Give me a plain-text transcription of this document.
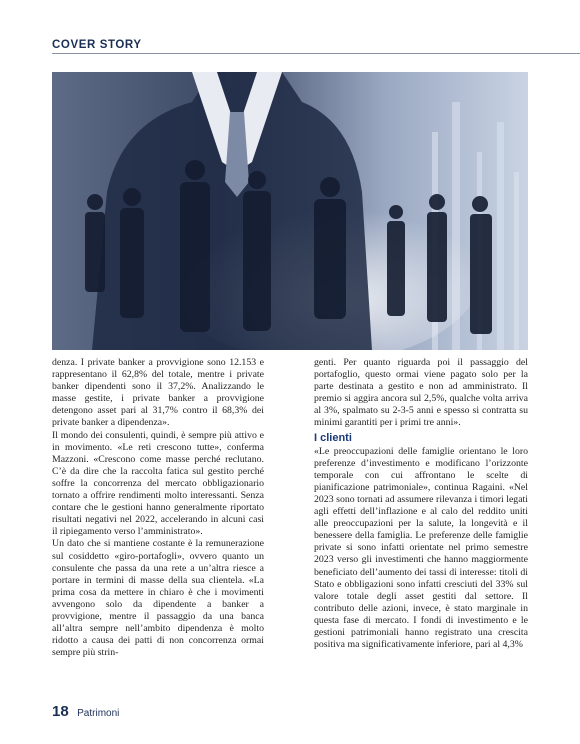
COVER STORY

denza. I private banker a provvigione sono 12.153 e rappresentano il 62,8% del totale, mentre i private banker dipendenti sono il 37,2%. Analizzando le masse gestite, i private banker a provvigione detengono asset pari al 31,7% contro il 68,3% dei private banker a dipendenza».

Il mondo dei consulenti, quindi, è sempre più attivo e in movimento. «Le reti crescono tutte», conferma Mazzoni. «Crescono come masse perché reclutano. C’è da dire che la raccolta fatica sul gestito perché soffre la concorrenza del mercato obbligazionario tornato a offrire rendimenti molto interessanti. Senza contare che le gestioni hanno generalmente riportato risultati negativi nel 2022, accelerando in alcuni casi il ripiegamento verso l’amministrato».

Un dato che si mantiene costante è la remunerazione sul cosiddetto «giro-portafogli», ovvero quanto un consulente che passa da una rete a un’altra riesce a portare in termini di masse della sua clientela. «La prima cosa da mettere in chiaro è che i movimenti avvengono solo da dipendente a banker a provvigione, mentre il passaggio da una banca all’altra sempre nell’ambito dipendenza è molto ridotto a causa dei patti di non concorrenza ormai sempre più strin-

genti. Per quanto riguarda poi il passaggio del portafoglio, questo ormai viene pagato solo per la parte destinata a gestito e non ad amministrato. Il premio si aggira ancora sul 2,5%, qualche volta arriva al 3%, spalmato su 2-3-5 anni e spesso si contratta su minimi garantiti per i primi tre anni».

I clienti

«Le preoccupazioni delle famiglie orientano le loro preferenze d’investimento e modificano l’orizzonte temporale con cui affrontano le scelte di pianificazione patrimoniale», continua Ragaini. «Nel 2023 sono tornati ad assumere rilevanza i timori legati agli effetti dell’inflazione e al calo del reddito uniti alle preoccupazioni per la salute, la longevità e il benessere della famiglia. Le preferenze delle famiglie private si sono infatti orientate nel primo semestre 2023 verso gli investimenti che hanno maggiormente beneficiato dell’aumento dei tassi di interesse: titoli di Stato e obbligazioni sono infatti cresciuti del 33% sul valore totale degli asset gestiti dal settore. Il contributo delle azioni, invece, è stato marginale in questa fase di mercato. I fondi di investimento e le gestioni patrimoniali hanno registrato una crescita positiva ma significativamente inferiore, pari al 4,3%

18 Patrimoni
